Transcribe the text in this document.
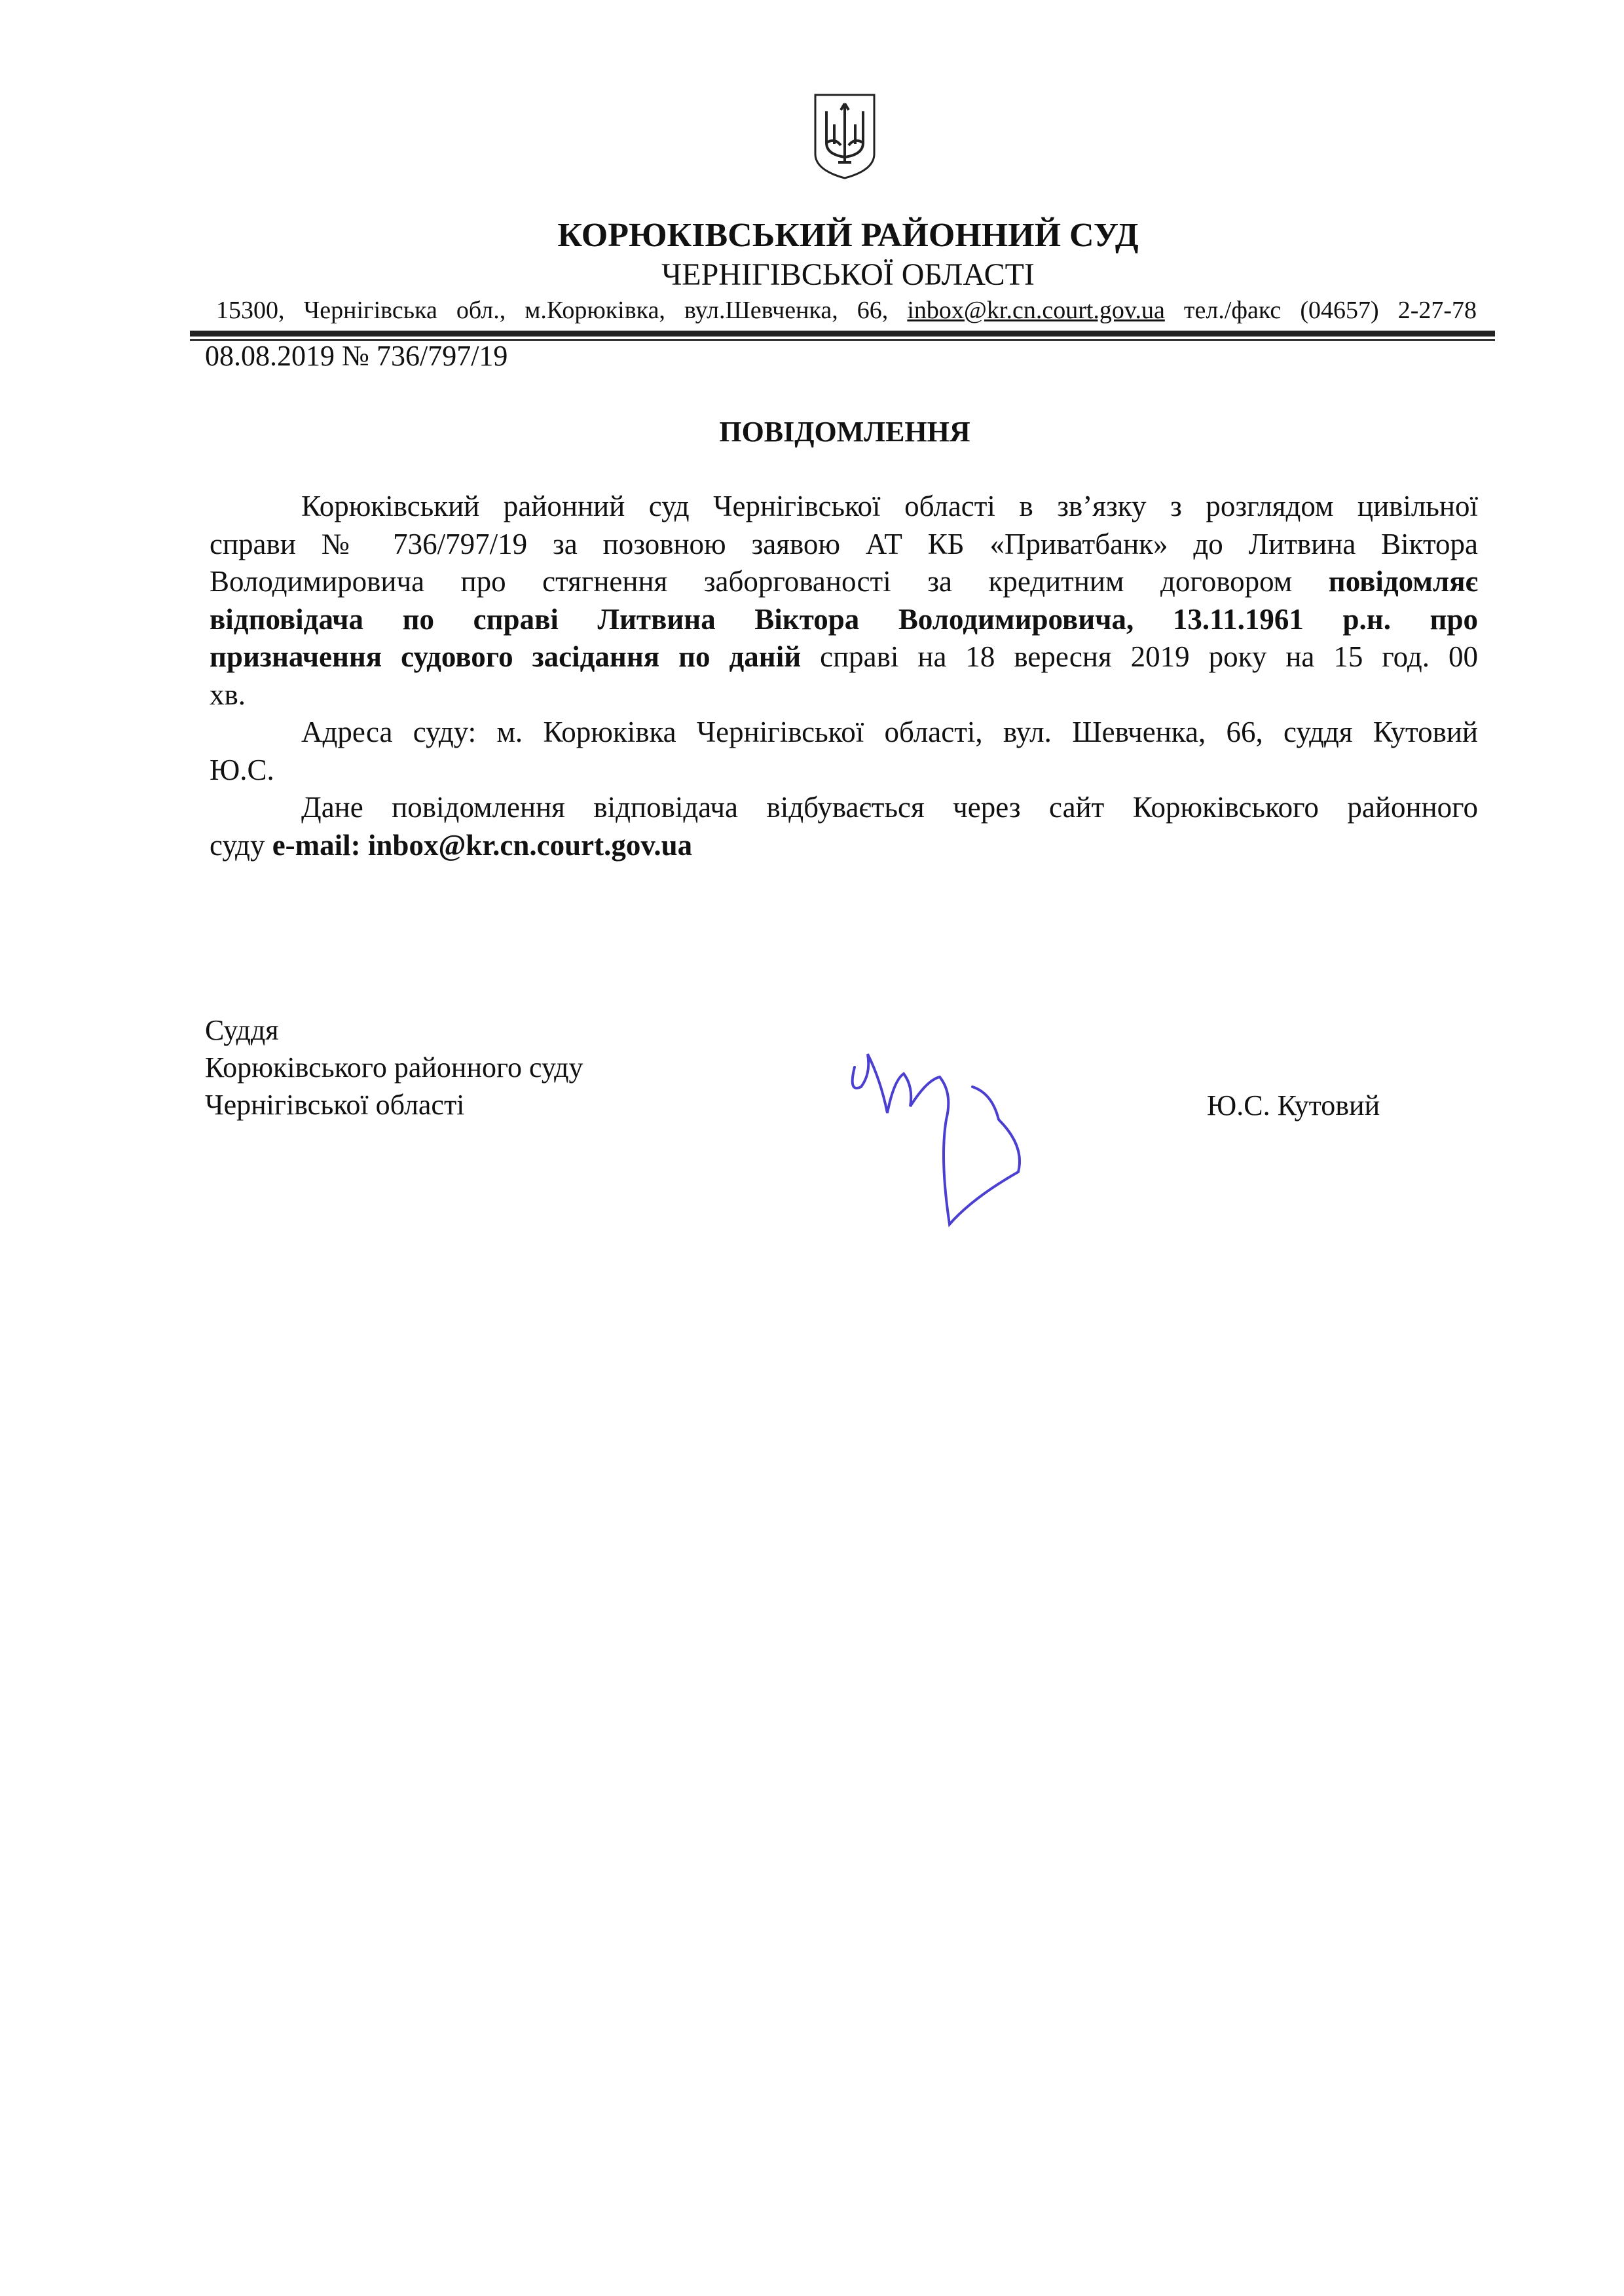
КОРЮКІВСЬКИЙ РАЙОННИЙ СУД
ЧЕРНІГІВСЬКОЇ ОБЛАСТІ
15300, Чернігівська обл., м.Корюківка, вул.Шевченка, 66, inbox@kr.cn.court.gov.ua тел./факс (04657) 2-27-78
08.08.2019 № 736/797/19
ПОВІДОМЛЕННЯ
Корюківський районний суд Чернігівської області в зв’язку з розглядом цивільної
справи № 736/797/19 за позовною заявою АТ КБ «Приватбанк» до Литвина Віктора
Володимировича про стягнення заборгованості за кредитним договором повідомляє
відповідача по справі Литвина Віктора Володимировича, 13.11.1961 р.н. про
призначення судового засідання по даній справі на 18 вересня 2019 року на 15 год. 00
хв.
Адреса суду: м. Корюківка Чернігівської області, вул. Шевченка, 66, суддя Кутовий
Ю.С.
Дане повідомлення відповідача відбувається через сайт Корюківського районного
суду e-mail: inbox@kr.cn.court.gov.ua
Суддя
Корюківського районного суду
Чернігівської області	Ю.С. Кутовий
